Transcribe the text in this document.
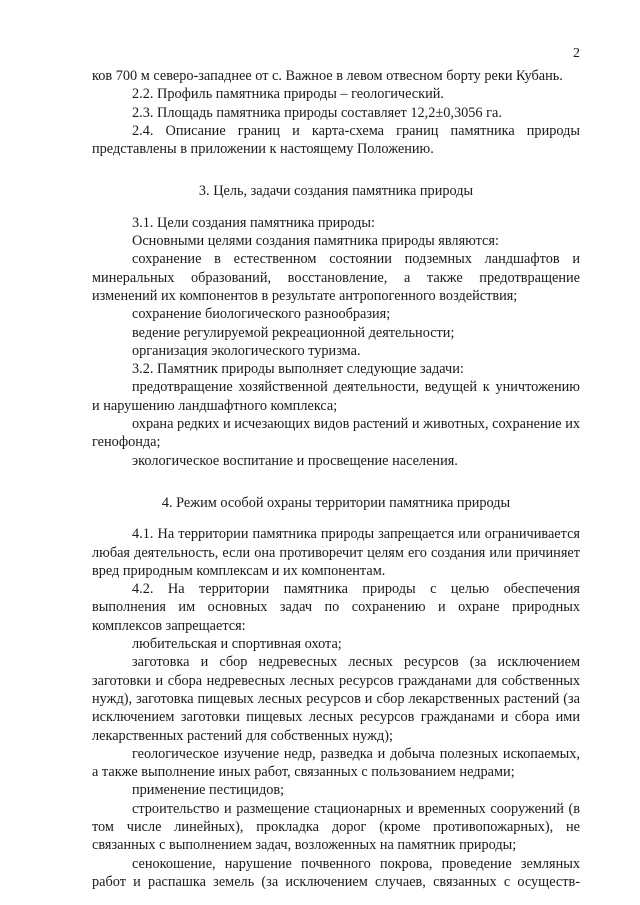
2

ков 700 м северо-западнее от с. Важное в левом отвесном борту реки Кубань.

2.2. Профиль памятника природы – геологический.

2.3. Площадь памятника природы составляет 12,2±0,3056 га.

2.4. Описание границ и карта-схема границ памятника природы представлены в приложении к настоящему Положению.

3. Цель, задачи создания памятника природы

3.1. Цели создания памятника природы:

Основными целями создания памятника природы являются:

сохранение в естественном состоянии подземных ландшафтов и минеральных образований, восстановление, а также предотвращение изменений их компонентов в результате антропогенного воздействия;

сохранение биологического разнообразия;

ведение регулируемой рекреационной деятельности;

организация экологического туризма.

3.2. Памятник природы выполняет следующие задачи:

предотвращение хозяйственной деятельности, ведущей к уничтожению и нарушению ландшафтного комплекса;

охрана редких и исчезающих видов растений и животных, сохранение их генофонда;

экологическое воспитание и просвещение населения.

4. Режим особой охраны территории памятника природы

4.1. На территории памятника природы запрещается или ограничивается любая деятельность, если она противоречит целям его создания или причиняет вред природным комплексам и их компонентам.

4.2. На территории памятника природы с целью обеспечения выполнения им основных задач по сохранению и охране природных комплексов запрещается:

любительская и спортивная охота;

заготовка и сбор недревесных лесных ресурсов (за исключением заготовки и сбора недревесных лесных ресурсов гражданами для собственных нужд), заготовка пищевых лесных ресурсов и сбор лекарственных растений (за исключением заготовки пищевых лесных ресурсов гражданами и сбора ими лекарственных растений для собственных нужд);

геологическое изучение недр, разведка и добыча полезных ископаемых, а также выполнение иных работ, связанных с пользованием недрами;

применение пестицидов;

строительство и размещение стационарных и временных сооружений (в том числе линейных), прокладка дорог (кроме противопожарных), не связанных с выполнением задач, возложенных на памятник природы;

сенокошение, нарушение почвенного покрова, проведение земляных работ и распашка земель (за исключением случаев, связанных с осуществ-
